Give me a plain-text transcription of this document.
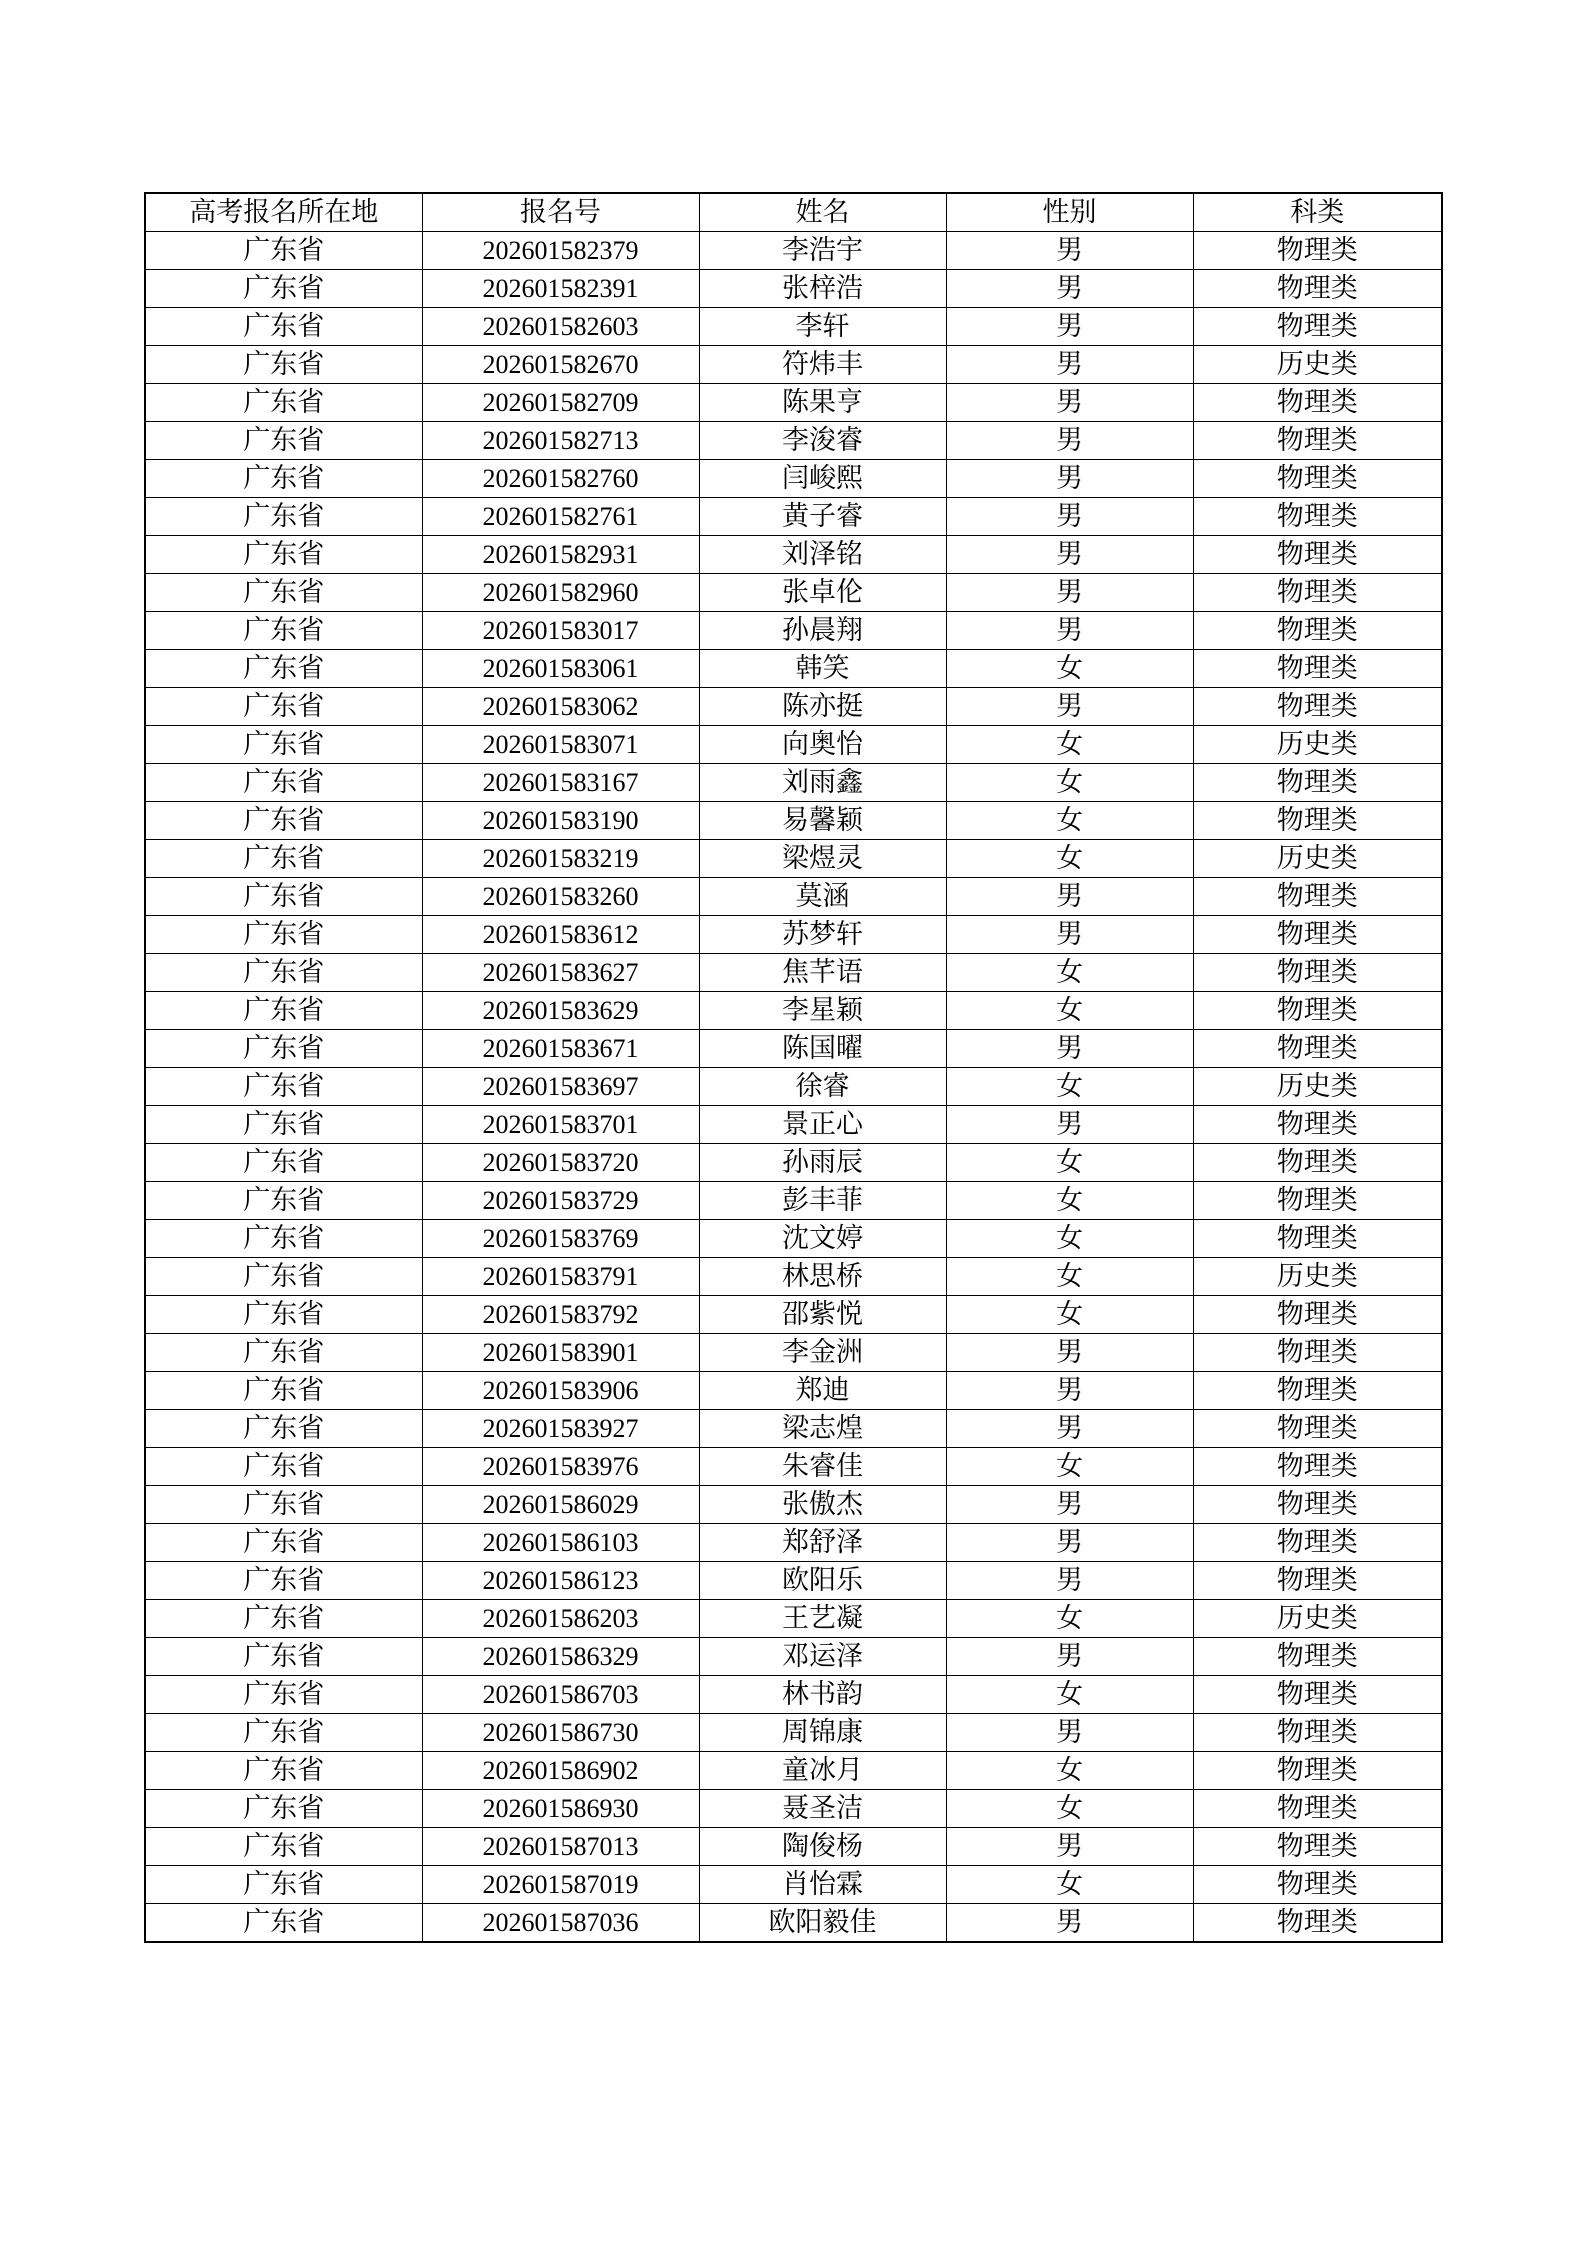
高考报名所在地	报名号	姓名	性别	科类
广东省	202601582379	李浩宇	男	物理类
广东省	202601582391	张梓浩	男	物理类
广东省	202601582603	李轩	男	物理类
广东省	202601582670	符炜丰	男	历史类
广东省	202601582709	陈果亨	男	物理类
广东省	202601582713	李浚睿	男	物理类
广东省	202601582760	闫峻熙	男	物理类
广东省	202601582761	黄子睿	男	物理类
广东省	202601582931	刘泽铭	男	物理类
广东省	202601582960	张卓伦	男	物理类
广东省	202601583017	孙晨翔	男	物理类
广东省	202601583061	韩笑	女	物理类
广东省	202601583062	陈亦挺	男	物理类
广东省	202601583071	向奥怡	女	历史类
广东省	202601583167	刘雨鑫	女	物理类
广东省	202601583190	易馨颖	女	物理类
广东省	202601583219	梁煜灵	女	历史类
广东省	202601583260	莫涵	男	物理类
广东省	202601583612	苏梦轩	男	物理类
广东省	202601583627	焦芊语	女	物理类
广东省	202601583629	李星颖	女	物理类
广东省	202601583671	陈国曜	男	物理类
广东省	202601583697	徐睿	女	历史类
广东省	202601583701	景正心	男	物理类
广东省	202601583720	孙雨辰	女	物理类
广东省	202601583729	彭丰菲	女	物理类
广东省	202601583769	沈文婷	女	物理类
广东省	202601583791	林思桥	女	历史类
广东省	202601583792	邵紫悦	女	物理类
广东省	202601583901	李金洲	男	物理类
广东省	202601583906	郑迪	男	物理类
广东省	202601583927	梁志煌	男	物理类
广东省	202601583976	朱睿佳	女	物理类
广东省	202601586029	张傲杰	男	物理类
广东省	202601586103	郑舒泽	男	物理类
广东省	202601586123	欧阳乐	男	物理类
广东省	202601586203	王艺凝	女	历史类
广东省	202601586329	邓运泽	男	物理类
广东省	202601586703	林书韵	女	物理类
广东省	202601586730	周锦康	男	物理类
广东省	202601586902	童冰月	女	物理类
广东省	202601586930	聂圣洁	女	物理类
广东省	202601587013	陶俊杨	男	物理类
广东省	202601587019	肖怡霖	女	物理类
广东省	202601587036	欧阳毅佳	男	物理类
